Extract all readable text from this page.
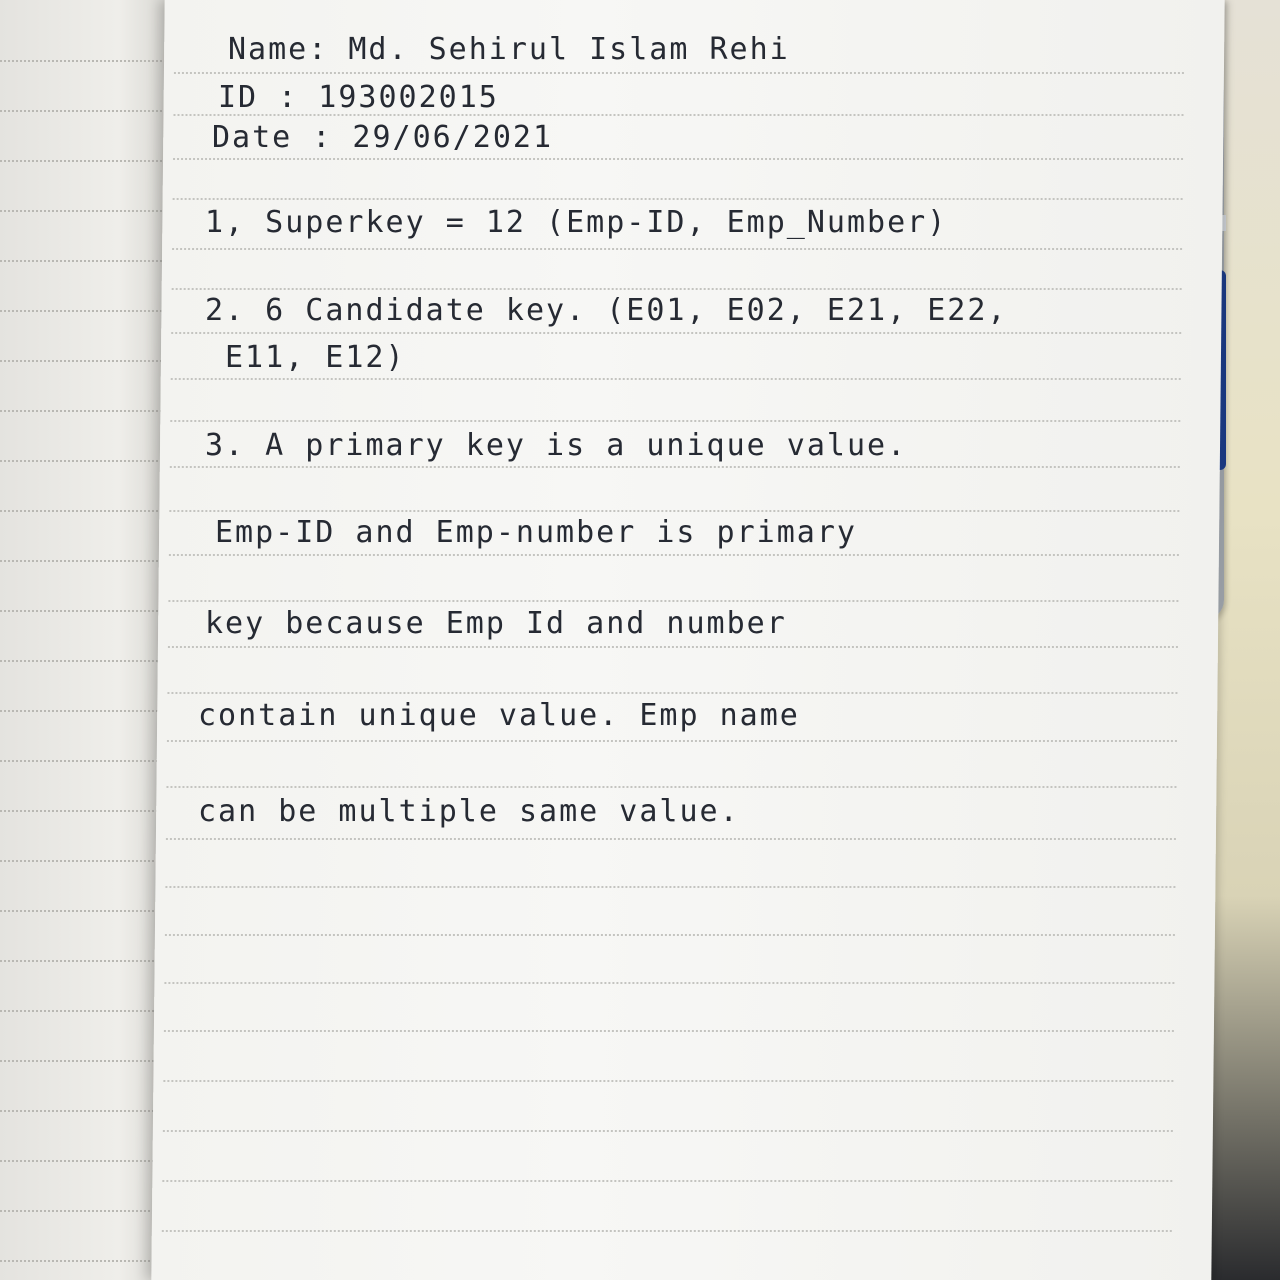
Name: Md. Sehirul Islam Rehi
ID : 193002015
Date : 29/06/2021
1, Superkey = 12 (Emp-ID, Emp_Number)
2. 6 Candidate key. (E01, E02, E21, E22,
E11, E12)
3. A primary key is a unique value.
Emp-ID and Emp-number is primary
key because Emp Id and number
contain unique value. Emp name
can be multiple same value.
